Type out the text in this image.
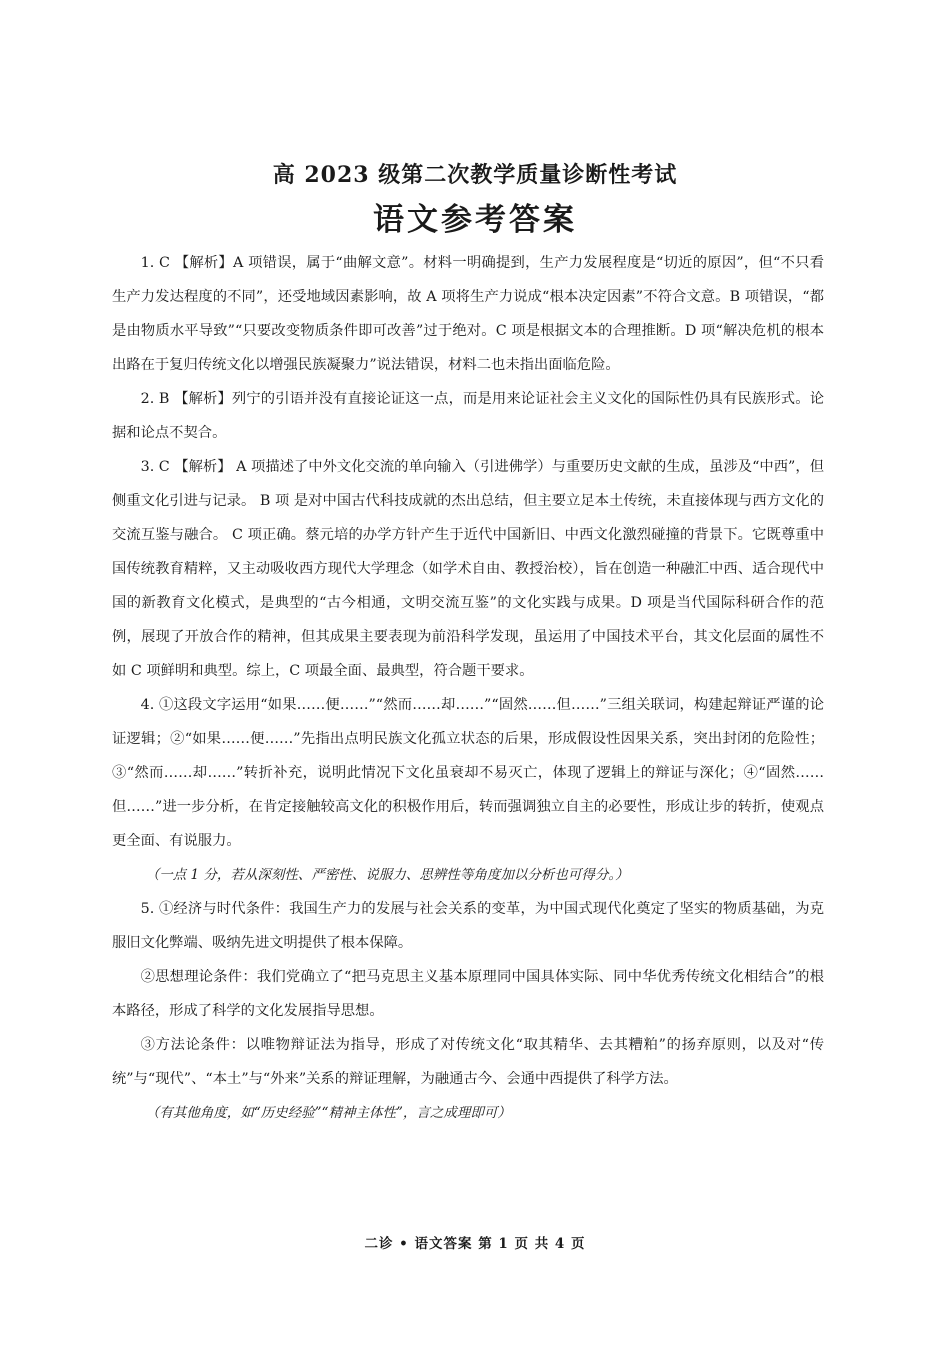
高 2023 级第二次教学质量诊断性考试
语文参考答案

1. C 【解析】A 项错误，属于“曲解文意”。材料一明确提到，生产力发展程度是“切近的原因”，但“不只看生产力发达程度的不同”，还受地域因素影响，故 A 项将生产力说成“根本决定因素”不符合文意。B 项错误，“都是由物质水平导致”“只要改变物质条件即可改善”过于绝对。C 项是根据文本的合理推断。D 项“解决危机的根本出路在于复归传统文化以增强民族凝聚力”说法错误，材料二也未指出面临危险。

2. B 【解析】列宁的引语并没有直接论证这一点，而是用来论证社会主义文化的国际性仍具有民族形式。论据和论点不契合。

3. C 【解析】 A 项描述了中外文化交流的单向输入（引进佛学）与重要历史文献的生成，虽涉及“中西”，但侧重文化引进与记录。 B 项 是对中国古代科技成就的杰出总结，但主要立足本土传统，未直接体现与西方文化的交流互鉴与融合。 C 项正确。蔡元培的办学方针产生于近代中国新旧、中西文化激烈碰撞的背景下。它既尊重中国传统教育精粹，又主动吸收西方现代大学理念（如学术自由、教授治校），旨在创造一种融汇中西、适合现代中国的新教育文化模式，是典型的“古今相通，文明交流互鉴”的文化实践与成果。D 项是当代国际科研合作的范例，展现了开放合作的精神，但其成果主要表现为前沿科学发现，虽运用了中国技术平台，其文化层面的属性不如 C 项鲜明和典型。综上，C 项最全面、最典型，符合题干要求。

4. ①这段文字运用“如果……便……”“然而……却……”“固然……但……”三组关联词，构建起辩证严谨的论证逻辑；②“如果……便……”先指出点明民族文化孤立状态的后果，形成假设性因果关系，突出封闭的危险性；③“然而……却……”转折补充，说明此情况下文化虽衰却不易灭亡，体现了逻辑上的辩证与深化；④“固然……但……”进一步分析，在肯定接触较高文化的积极作用后，转而强调独立自主的必要性，形成让步的转折，使观点更全面、有说服力。

（一点 1 分，若从深刻性、严密性、说服力、思辨性等角度加以分析也可得分。）

5. ①经济与时代条件：我国生产力的发展与社会关系的变革，为中国式现代化奠定了坚实的物质基础，为克服旧文化弊端、吸纳先进文明提供了根本保障。

②思想理论条件：我们党确立了“把马克思主义基本原理同中国具体实际、同中华优秀传统文化相结合”的根本路径，形成了科学的文化发展指导思想。

③方法论条件：以唯物辩证法为指导，形成了对传统文化“取其精华、去其糟粕”的扬弃原则，以及对“传统”与“现代”、“本土”与“外来”关系的辩证理解，为融通古今、会通中西提供了科学方法。

（有其他角度，如“历史经验”“精神主体性”，言之成理即可）

二诊 • 语文答案 第 1 页 共 4 页
